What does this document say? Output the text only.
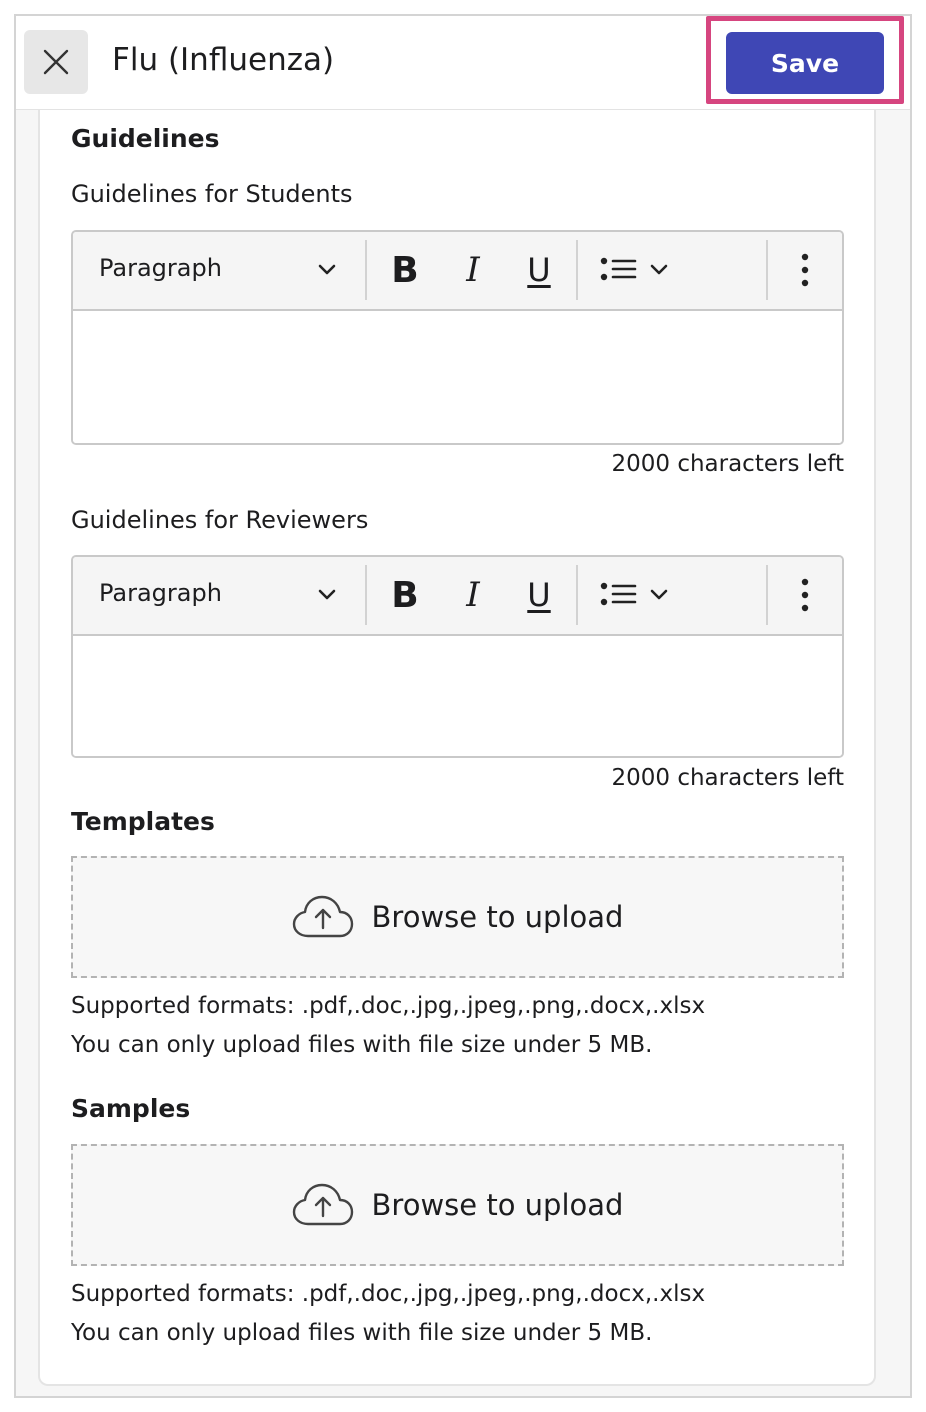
Flu (Influenza)	Save
Guidelines
Guidelines for Students
Paragraph	B	I	U
2000 characters left
Guidelines for Reviewers
Paragraph	B	I	U
2000 characters left
Templates
Browse to upload
Supported formats: .pdf,.doc,.jpg,.jpeg,.png,.docx,.xlsx
You can only upload files with file size under 5 MB.
Samples
Browse to upload
Supported formats: .pdf,.doc,.jpg,.jpeg,.png,.docx,.xlsx
You can only upload files with file size under 5 MB.
